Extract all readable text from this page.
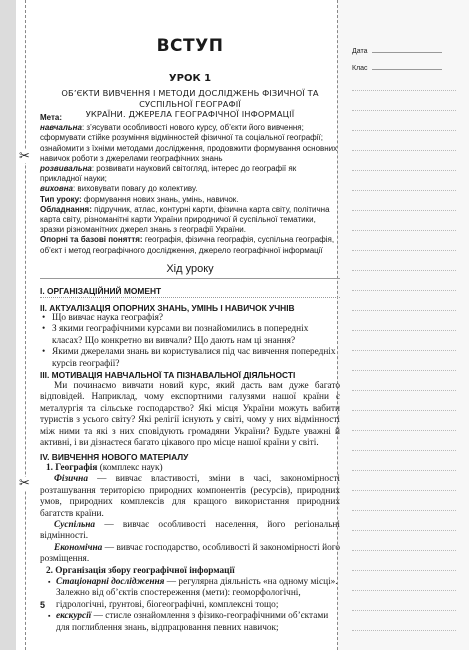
✂
✂
ВСТУП
УРОК 1
ОБ’ЄКТИ ВИВЧЕННЯ І МЕТОДИ ДОСЛІДЖЕНЬ ФІЗИЧНОЇ ТА СУСПІЛЬНОЇ ГЕОГРАФІЇ
УКРАЇНИ. ДЖЕРЕЛА ГЕОГРАФІЧНОЇ ІНФОРМАЦІЇ
Мета:
навчальна: з’ясувати особливості нового курсу, об’єкти його вивчення; сформувати стійке розуміння відмінностей фізичної та соціальної географії; ознайомити з їхніми методами дослідження, продовжити формування основних навичок роботи з джерелами географічних знань
розвивальна: розвивати науковий світогляд, інтерес до географії як прикладної науки;
виховна: виховувати повагу до колективу.
Тип уроку: формування нових знань, умінь, навичок.
Обладнання: підручник, атлас, контурні карти, фізична карта світу, політична карта світу, різноманітні карти України природничої й суспільної тематики, зразки різноманітних джерел знань з географії України.
Опорні та базові поняття: географія, фізична географія, суспільна географія, об’єкт і метод географічного дослідження, джерело географічної інформації
Хід уроку
І. ОРГАНІЗАЦІЙНИЙ МОМЕНТ
ІІ. АКТУАЛІЗАЦІЯ ОПОРНИХ ЗНАНЬ, УМІНЬ І НАВИЧОК УЧНІВ
• Що вивчає наука географія?
• З якими географічними курсами ви познайомились в попередніх класах? Що конкретно ви вивчали? Що дають нам ці знання?
• Якими джерелами знань ви користувалися під час вивчення попередніх курсів географії?
ІІІ. МОТИВАЦІЯ НАВЧАЛЬНОЇ ТА ПІЗНАВАЛЬНОЇ ДІЯЛЬНОСТІ
Ми починаємо вивчати новий курс, який дасть вам дуже багато відповідей. Наприклад, чому експортними галузями нашої країни є металургія та сільське господарство? Які місця України можуть вабити туристів з усього світу? Які релігії існують у світі, чому у них відмінності між ними та які з них сповідують громадяни України? Будьте уважні й активні, і ви дізнаєтеся багато цікавого про місце нашої країни у світі.
IV. ВИВЧЕННЯ НОВОГО МАТЕРІАЛУ
1. Географія (комплекс наук)
Фізична — вивчає властивості, зміни в часі, закономірності розташування територією природних компонентів (ресурсів), природних умов, природних комплексів для кращого використання природних багатств країни.
Суспільна — вивчає особливості населення, його регіональні відмінності.
Економічна — вивчає господарство, особливості й закономірності його розміщення.
2. Організація збору географічної інформації
▪ Стаціонарні дослідження — регулярна діяльність «на одному місці». Залежно від об’єктів спостереження (мети): геоморфологічні, гідрологічні, ґрунтові, біогеографічні, комплексні тощо;
▪ екскурсії — стисле ознайомлення з фізико-географічними об’єктами для поглиблення знань, відпрацювання певних навичок;
5
Дата
Клас
